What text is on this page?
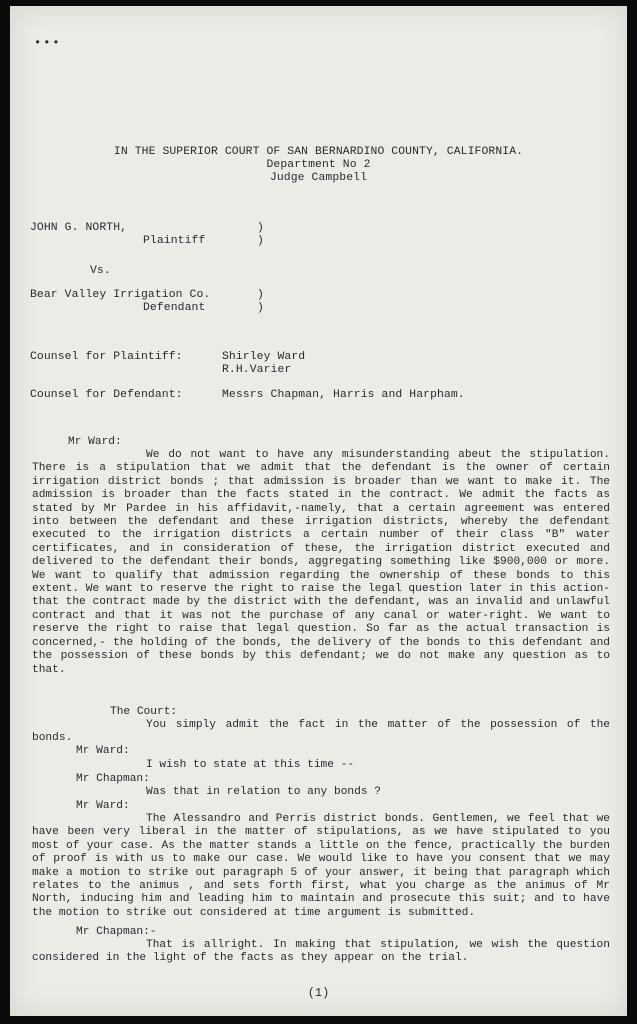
•••
IN THE SUPERIOR COURT OF SAN BERNARDINO COUNTY, CALIFORNIA.
Department No 2
Judge Campbell
JOHN G. NORTH,	)
Plaintiff	)
Vs.
Bear Valley Irrigation Co.	)
Defendant	)
Counsel for Plaintiff:	Shirley Ward
R.H.Varier
Counsel for Defendant:	Messrs Chapman, Harris and Harpham.
Mr Ward:
We do not want to have any misunderstanding abeut the stipulation. There is a stipulation that we admit that the defendant is the owner of certain irrigation district bonds ; that admission is broader than we want to make it. The admission is broader than the facts stated in the contract. We admit the facts as stated by Mr Pardee in his affidavit,-namely, that a certain agreement was entered into between the defendant and these irrigation districts, whereby the defendant executed to the irrigation districts a certain number of their class "B" water certificates, and in consideration of these, the irrigation district executed and delivered to the defendant their bonds, aggregating something like $900,000 or more. We want to qualify that admission regarding the ownership of these bonds to this extent. We want to reserve the right to raise the legal question later in this action- that the contract made by the district with the defendant, was an invalid and unlawful contract and that it was not the purchase of any canal or water-right. We want to reserve the right to raise that legal question. So far as the actual transaction is concerned,- the holding of the bonds, the delivery of the bonds to this defendant and the possession of these bonds by this defendant; we do not make any question as to that.
The Court:
You simply admit the fact in the matter of the possession of the bonds.
Mr Ward:
I wish to state at this time --
Mr Chapman:
Was that in relation to any bonds ?
Mr Ward:
The Alessandro and Perris district bonds. Gentlemen, we feel that we have been very liberal in the matter of stipulations, as we have stipulated to you most of your case. As the matter stands a little on the fence, practically the burden of proof is with us to make our case. We would like to have you consent that we may make a motion to strike out paragraph 5 of your answer, it being that paragraph which relates to the animus , and sets forth first, what you charge as the animus of Mr North, inducing him and leading him to maintain and prosecute this suit; and to have the motion to strike out considered at time argument is submitted.
Mr Chapman:-
That is allright. In making that stipulation, we wish the question considered in the light of the facts as they appear on the trial.
(1)
